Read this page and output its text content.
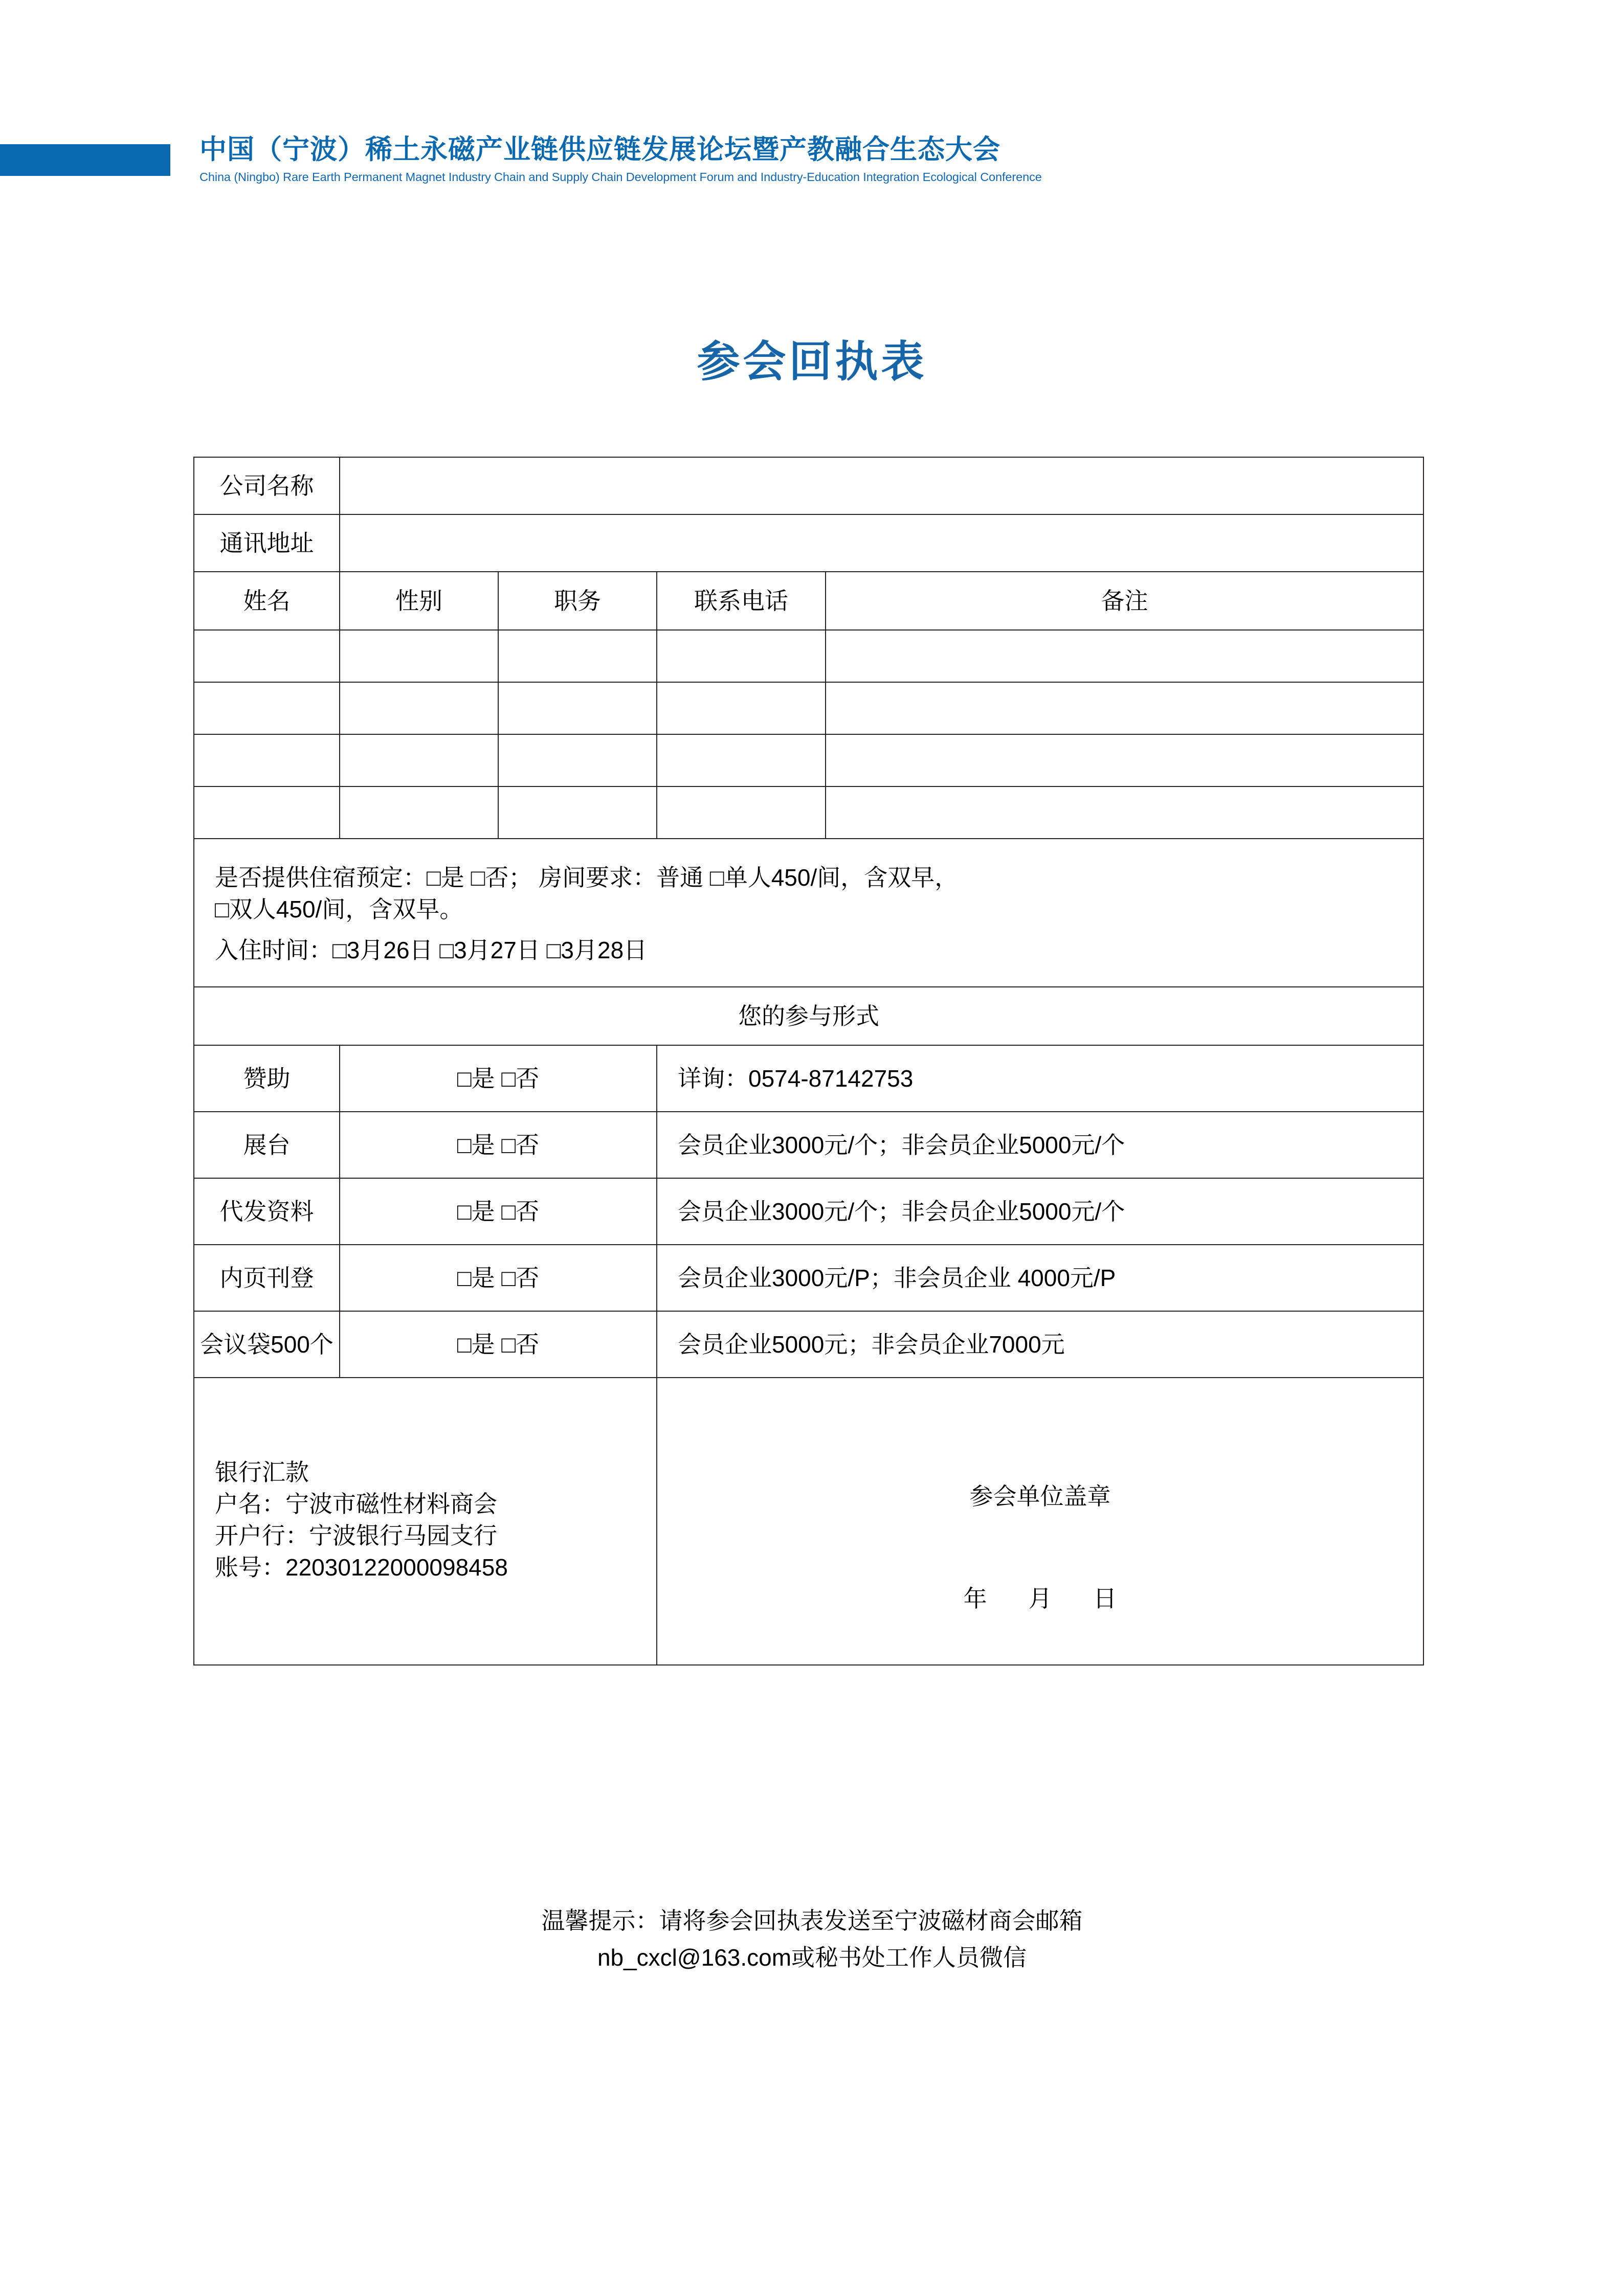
中国（宁波）稀土永磁产业链供应链发展论坛暨产教融合生态大会
China (Ningbo) Rare Earth Permanent Magnet Industry Chain and Supply Chain Development Forum and Industry-Education Integration Ecological Conference
参会回执表
公司名称				
通讯地址				
姓名	性别	职务	联系电话	备注

是否提供住宿预定：□是 □否； 房间要求：普通 □单人450/间，含双早，
□双人450/间，含双早。
入住时间：□3月26日 □3月27日 □3月28日				

您的参与形式				
赞助	□是 □否		详询：0574-87142753	
展台	□是 □否		会员企业3000元/个；非会员企业5000元/个	
代发资料	□是 □否		会员企业3000元/个；非会员企业5000元/个	
内页刊登	□是 □否		会员企业3000元/P；非会员企业 4000元/P	
会议袋500个	□是 □否		会员企业5000元；非会员企业7000元	

银行汇款
户名：宁波市磁性材料商会
开户行：宁波银行马园支行
账号：22030122000098458

参会单位盖章
年 月 日
温馨提示：请将参会回执表发送至宁波磁材商会邮箱
nb_cxcl@163.com或秘书处工作人员微信
